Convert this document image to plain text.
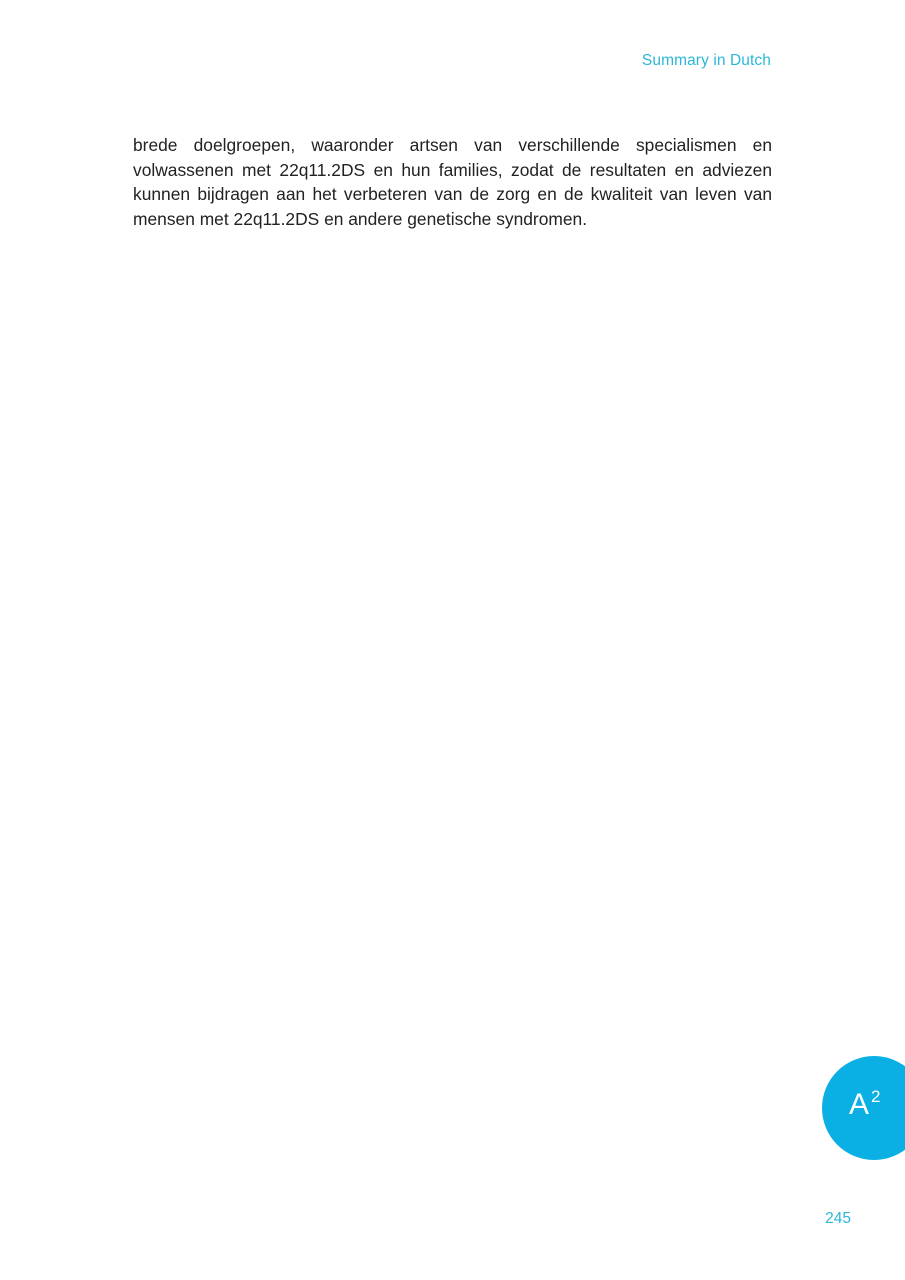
Summary in Dutch

brede doelgroepen, waaronder artsen van verschillende specialismen en volwassenen met 22q11.2DS en hun families, zodat de resultaten en adviezen kunnen bijdragen aan het verbeteren van de zorg en de kwaliteit van leven van mensen met 22q11.2DS en andere genetische syndromen.

A 2
245
